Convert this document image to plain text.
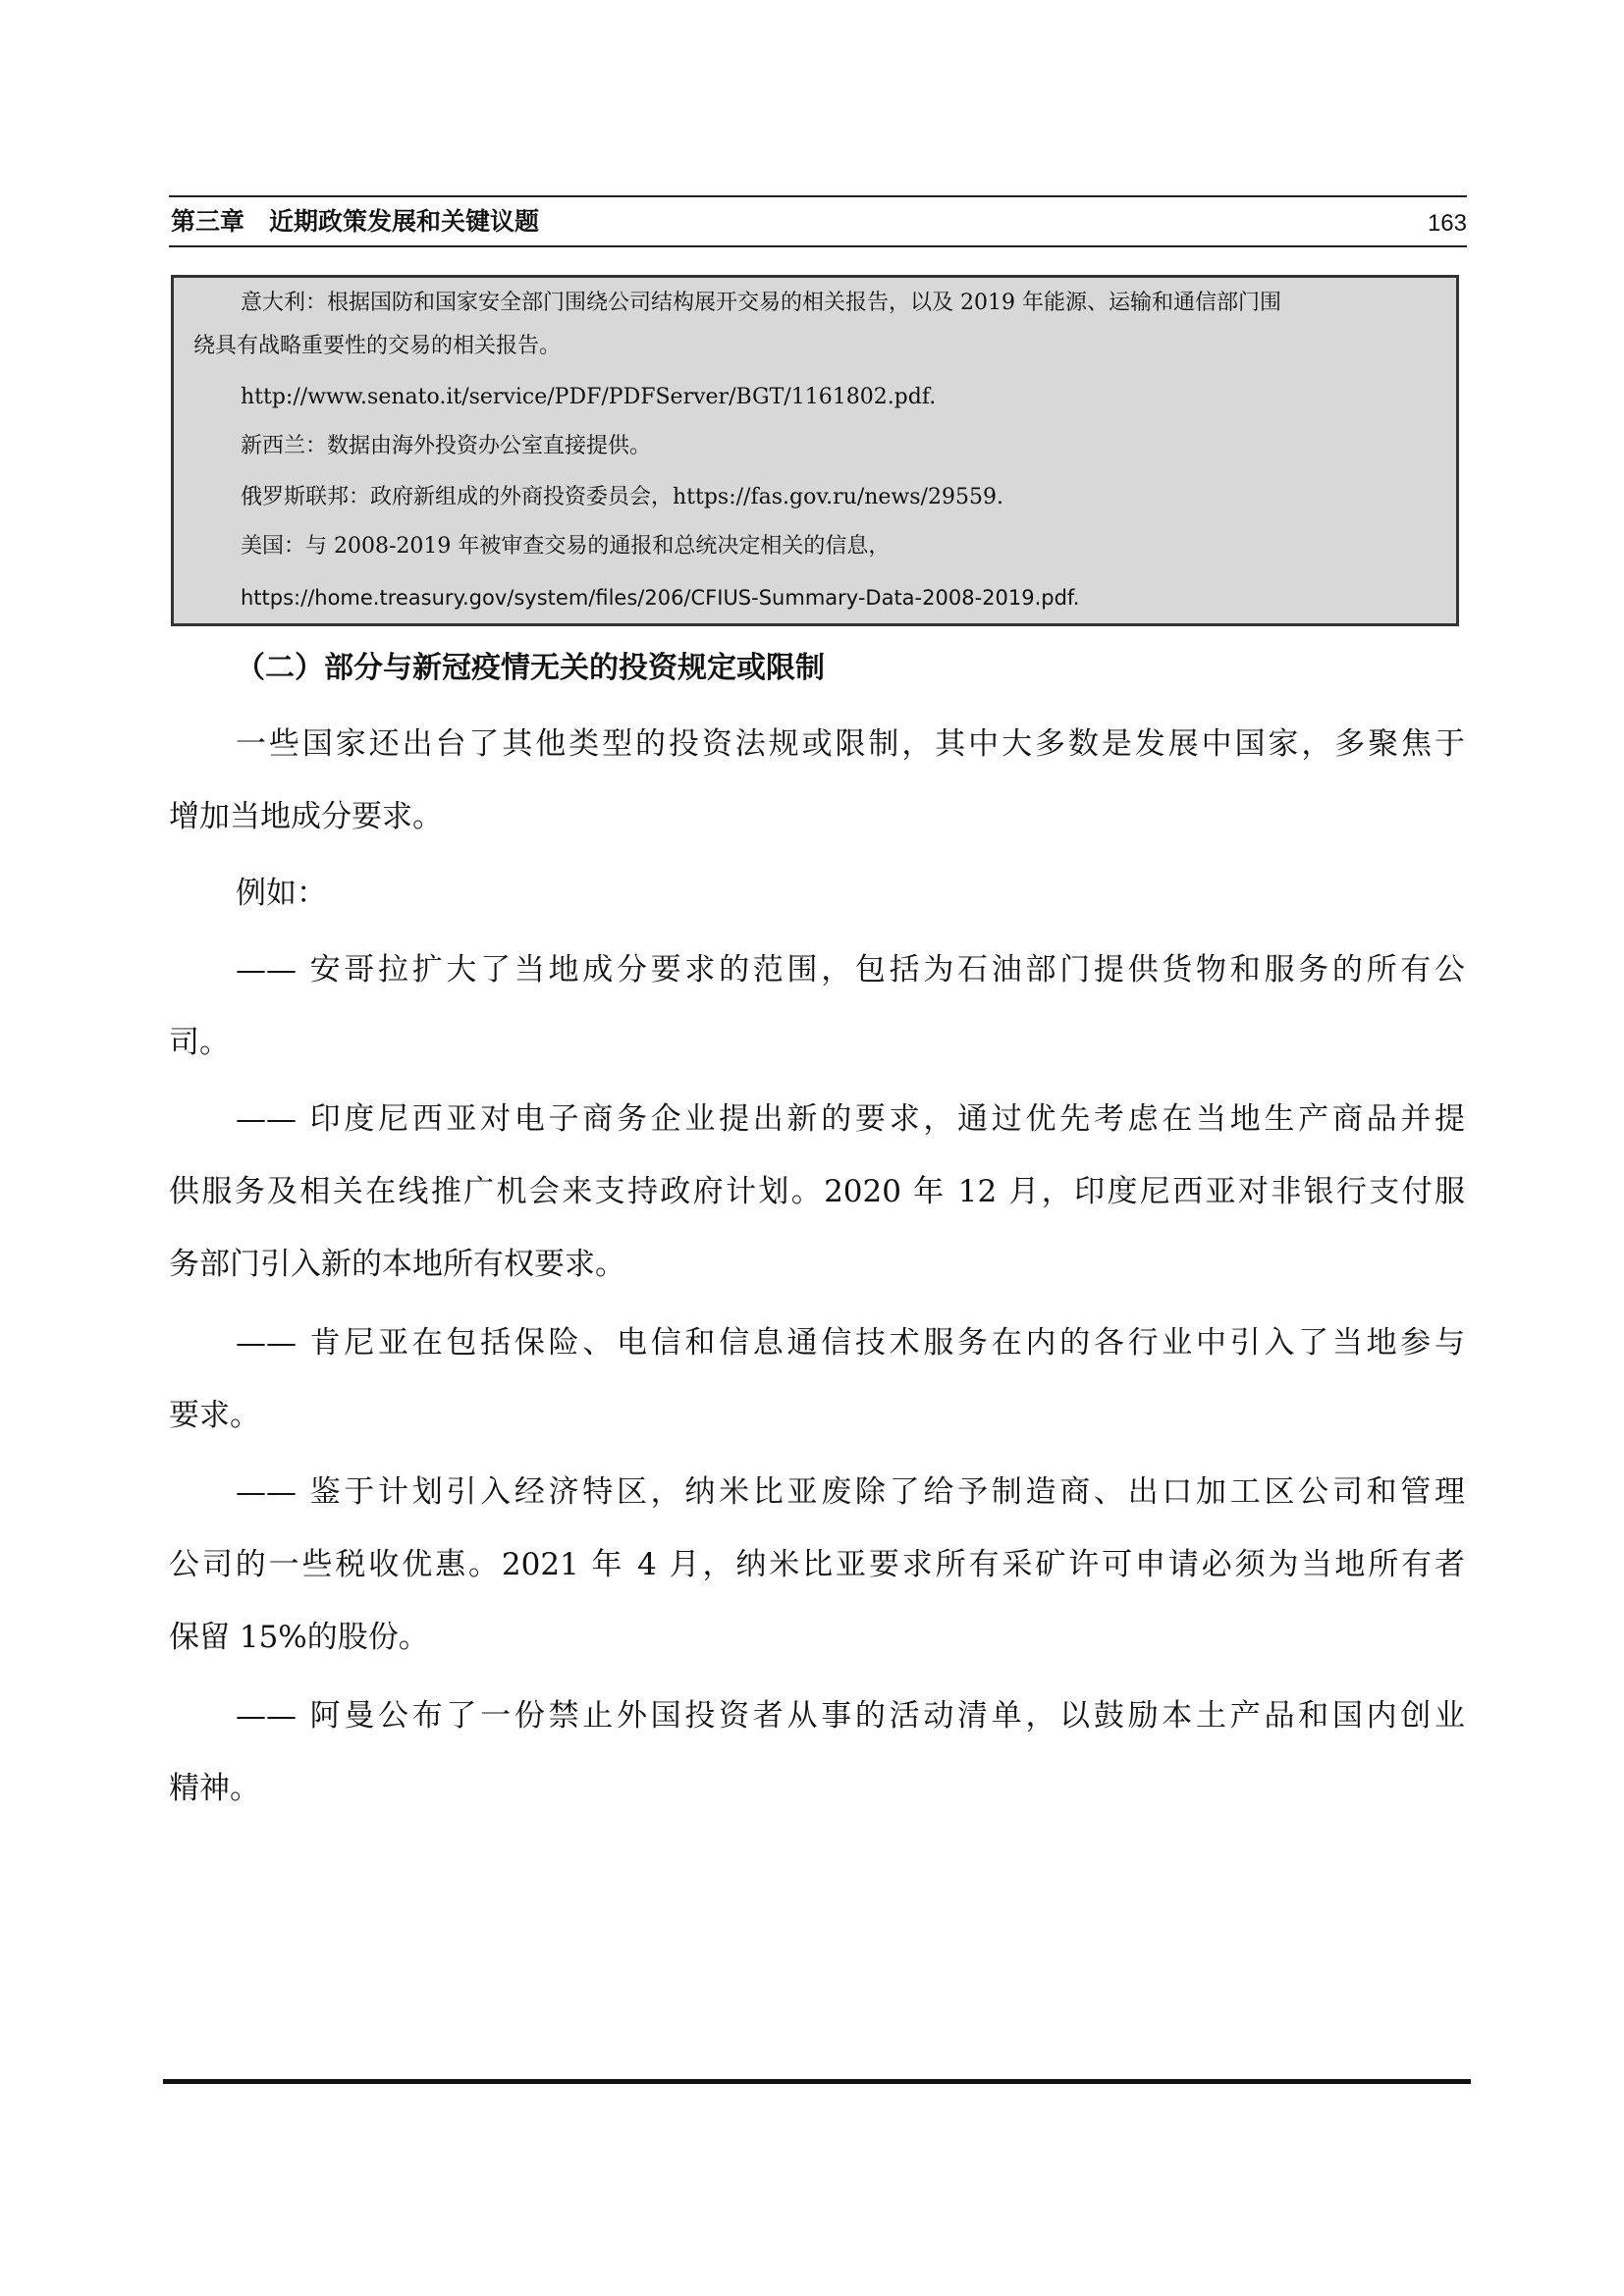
第三章　近期政策发展和关键议题	163
意大利：根据国防和国家安全部门围绕公司结构展开交易的相关报告，以及 2019 年能源、运输和通信部门围
绕具有战略重要性的交易的相关报告。
http://www.senato.it/service/PDF/PDFServer/BGT/1161802.pdf.
新西兰：数据由海外投资办公室直接提供。
俄罗斯联邦：政府新组成的外商投资委员会，https://fas.gov.ru/news/29559.
美国：与 2008-2019 年被审查交易的通报和总统决定相关的信息，
https://home.treasury.gov/system/files/206/CFIUS-Summary-Data-2008-2019.pdf.
（二）部分与新冠疫情无关的投资规定或限制
一些国家还出台了其他类型的投资法规或限制，其中大多数是发展中国家，多聚焦于
增加当地成分要求。
例如：
—— 安哥拉扩大了当地成分要求的范围，包括为石油部门提供货物和服务的所有公
司。
—— 印度尼西亚对电子商务企业提出新的要求，通过优先考虑在当地生产商品并提
供服务及相关在线推广机会来支持政府计划。2020 年 12 月，印度尼西亚对非银行支付服
务部门引入新的本地所有权要求。
—— 肯尼亚在包括保险、电信和信息通信技术服务在内的各行业中引入了当地参与
要求。
—— 鉴于计划引入经济特区，纳米比亚废除了给予制造商、出口加工区公司和管理
公司的一些税收优惠。2021 年 4 月，纳米比亚要求所有采矿许可申请必须为当地所有者
保留 15%的股份。
—— 阿曼公布了一份禁止外国投资者从事的活动清单，以鼓励本土产品和国内创业
精神。
